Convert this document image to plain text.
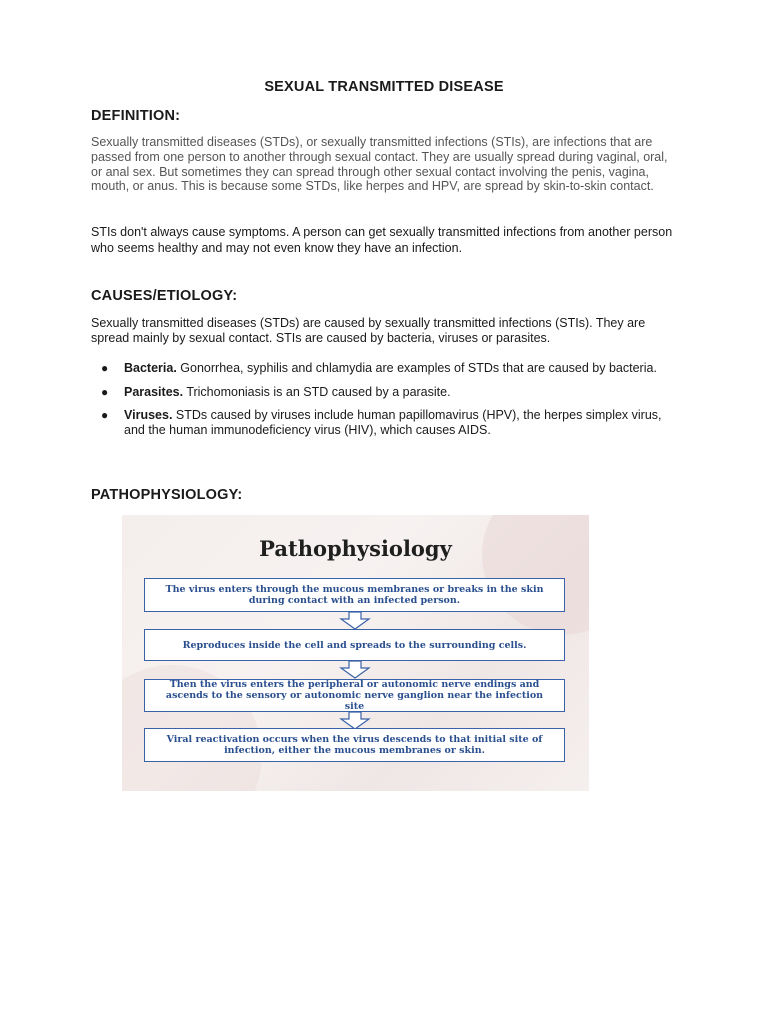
SEXUAL TRANSMITTED DISEASE
DEFINITION:

Sexually transmitted diseases (STDs), or sexually transmitted infections (STIs), are infections that are passed from one person to another through sexual contact. They are usually spread during vaginal, oral, or anal sex. But sometimes they can spread through other sexual contact involving the penis, vagina, mouth, or anus. This is because some STDs, like herpes and HPV, are spread by skin-to-skin contact.

STIs don't always cause symptoms. A person can get sexually transmitted infections from another person who seems healthy and may not even know they have an infection.

CAUSES/ETIOLOGY:

Sexually transmitted diseases (STDs) are caused by sexually transmitted infections (STIs). They are spread mainly by sexual contact. STIs are caused by bacteria, viruses or parasites.

● Bacteria. Gonorrhea, syphilis and chlamydia are examples of STDs that are caused by bacteria.
● Parasites. Trichomoniasis is an STD caused by a parasite.
● Viruses. STDs caused by viruses include human papillomavirus (HPV), the herpes simplex virus, and the human immunodeficiency virus (HIV), which causes AIDS.
PATHOPHYSIOLOGY:
Pathophysiology
The virus enters through the mucous membranes or breaks in the skin during contact with an infected person.
Reproduces inside the cell and spreads to the surrounding cells.
Then the virus enters the peripheral or autonomic nerve endings and ascends to the sensory or autonomic nerve ganglion near the infection site
Viral reactivation occurs when the virus descends to that initial site of infection, either the mucous membranes or skin.
